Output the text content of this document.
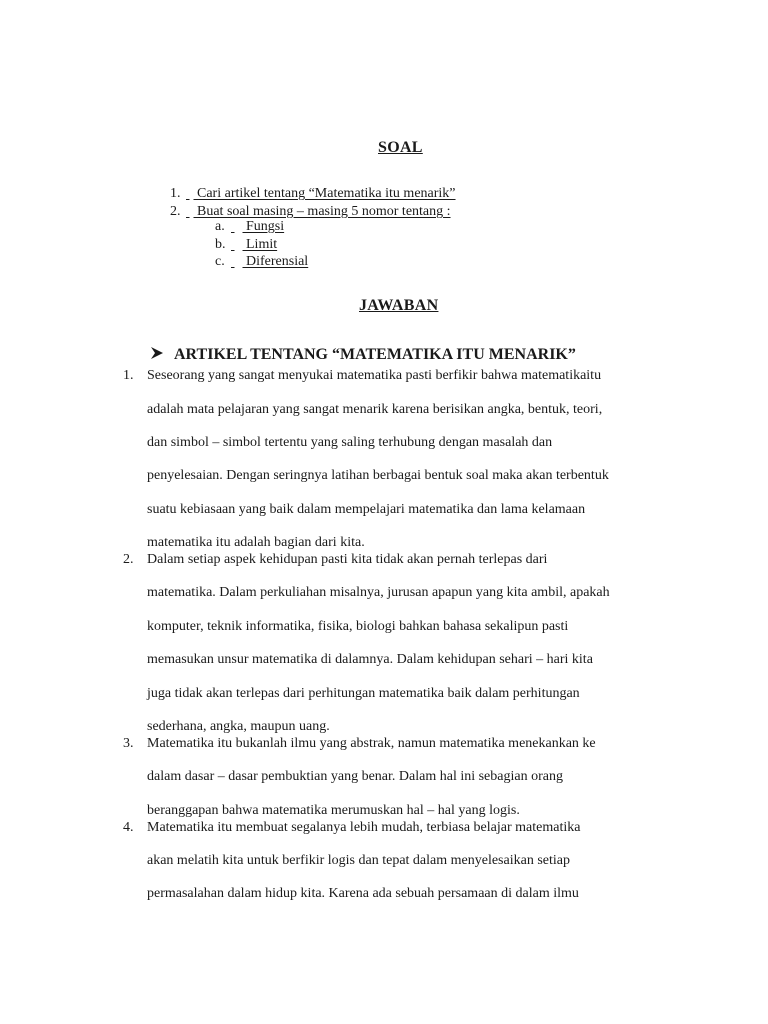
SOAL
1. Cari artikel tentang “Matematika itu menarik”
2. Buat soal masing – masing 5 nomor tentang :
a. Fungsi
b. Limit
c. Diferensial
JAWABAN
ARTIKEL TENTANG “MATEMATIKA ITU MENARIK”
1. Seseorang yang sangat menyukai matematika pasti berfikir bahwa matematikaitu
adalah mata pelajaran yang sangat menarik karena berisikan angka, bentuk, teori,
dan simbol – simbol tertentu yang saling terhubung dengan masalah dan
penyelesaian. Dengan seringnya latihan berbagai bentuk soal maka akan terbentuk
suatu kebiasaan yang baik dalam mempelajari matematika dan lama kelamaan
matematika itu adalah bagian dari kita.
2. Dalam setiap aspek kehidupan pasti kita tidak akan pernah terlepas dari
matematika. Dalam perkuliahan misalnya, jurusan apapun yang kita ambil, apakah
komputer, teknik informatika, fisika, biologi bahkan bahasa sekalipun pasti
memasukan unsur matematika di dalamnya. Dalam kehidupan sehari – hari kita
juga tidak akan terlepas dari perhitungan matematika baik dalam perhitungan
sederhana, angka, maupun uang.
3. Matematika itu bukanlah ilmu yang abstrak, namun matematika menekankan ke
dalam dasar – dasar pembuktian yang benar. Dalam hal ini sebagian orang
beranggapan bahwa matematika merumuskan hal – hal yang logis.
4. Matematika itu membuat segalanya lebih mudah, terbiasa belajar matematika
akan melatih kita untuk berfikir logis dan tepat dalam menyelesaikan setiap
permasalahan dalam hidup kita. Karena ada sebuah persamaan di dalam ilmu
